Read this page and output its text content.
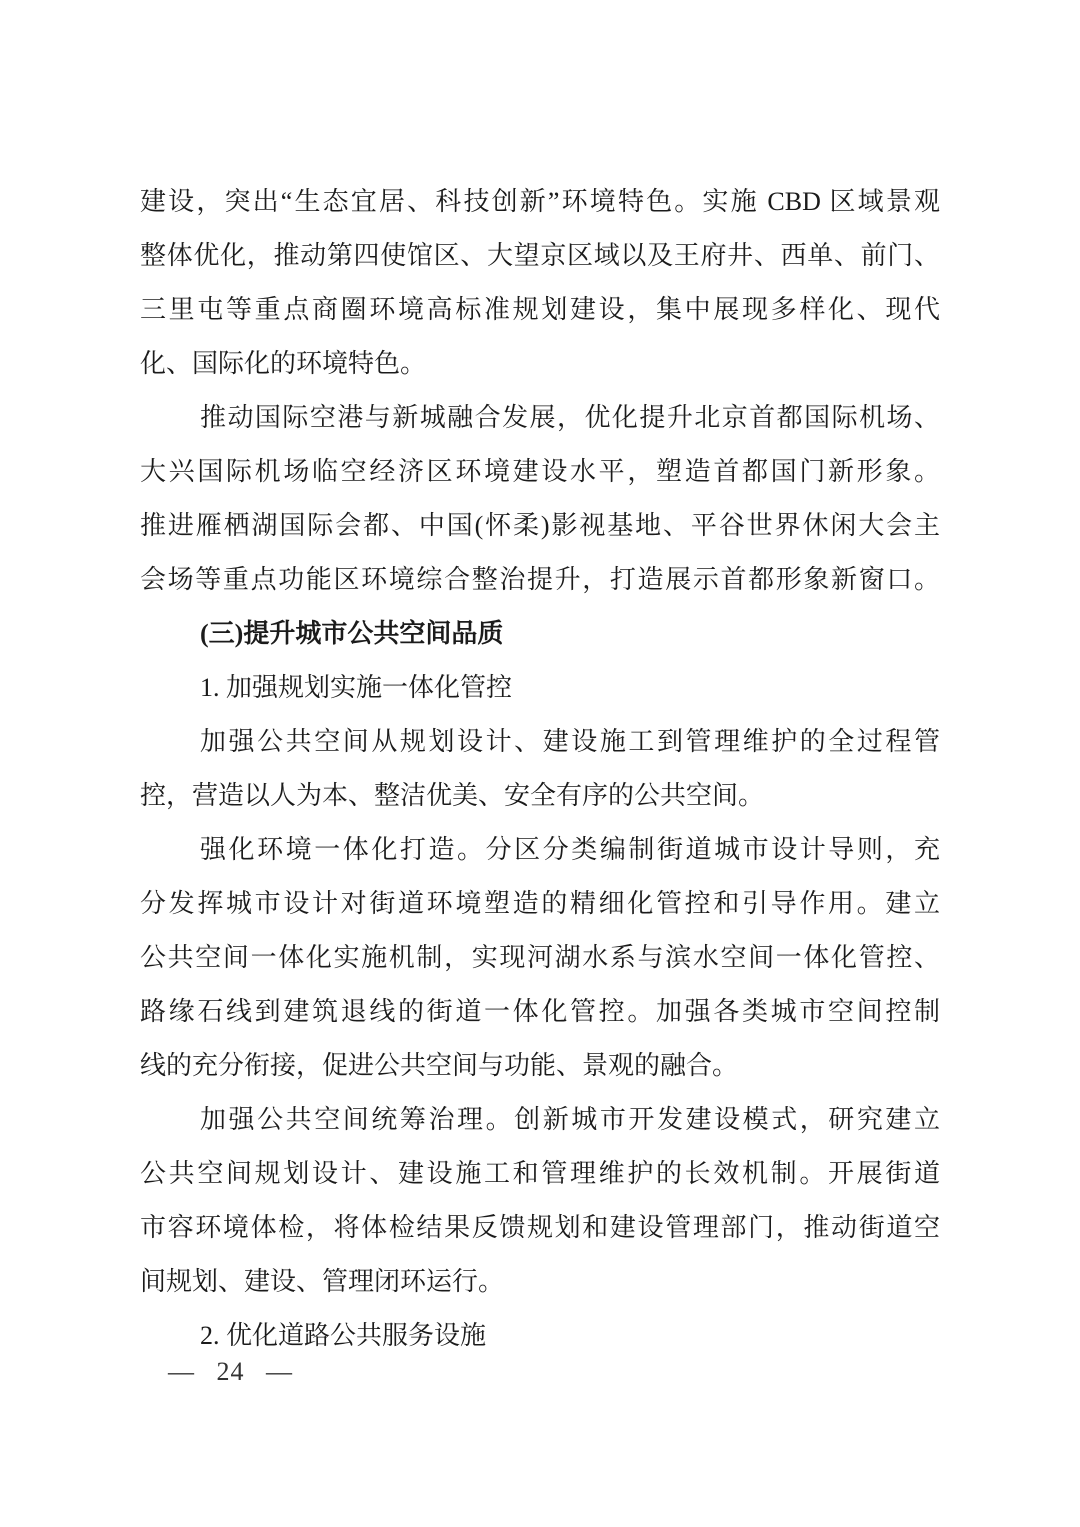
建设，突出“生态宜居、科技创新”环境特色。实施 CBD 区域景观
整体优化，推动第四使馆区、大望京区域以及王府井、西单、前门、
三里屯等重点商圈环境高标准规划建设，集中展现多样化、现代
化、国际化的环境特色。
推动国际空港与新城融合发展，优化提升北京首都国际机场、
大兴国际机场临空经济区环境建设水平，塑造首都国门新形象。
推进雁栖湖国际会都、中国(怀柔)影视基地、平谷世界休闲大会主
会场等重点功能区环境综合整治提升，打造展示首都形象新窗口。
(三)提升城市公共空间品质
1. 加强规划实施一体化管控
加强公共空间从规划设计、建设施工到管理维护的全过程管
控，营造以人为本、整洁优美、安全有序的公共空间。
强化环境一体化打造。分区分类编制街道城市设计导则，充
分发挥城市设计对街道环境塑造的精细化管控和引导作用。建立
公共空间一体化实施机制，实现河湖水系与滨水空间一体化管控、
路缘石线到建筑退线的街道一体化管控。加强各类城市空间控制
线的充分衔接，促进公共空间与功能、景观的融合。
加强公共空间统筹治理。创新城市开发建设模式，研究建立
公共空间规划设计、建设施工和管理维护的长效机制。开展街道
市容环境体检，将体检结果反馈规划和建设管理部门，推动街道空
间规划、建设、管理闭环运行。
2. 优化道路公共服务设施
— 24 —
